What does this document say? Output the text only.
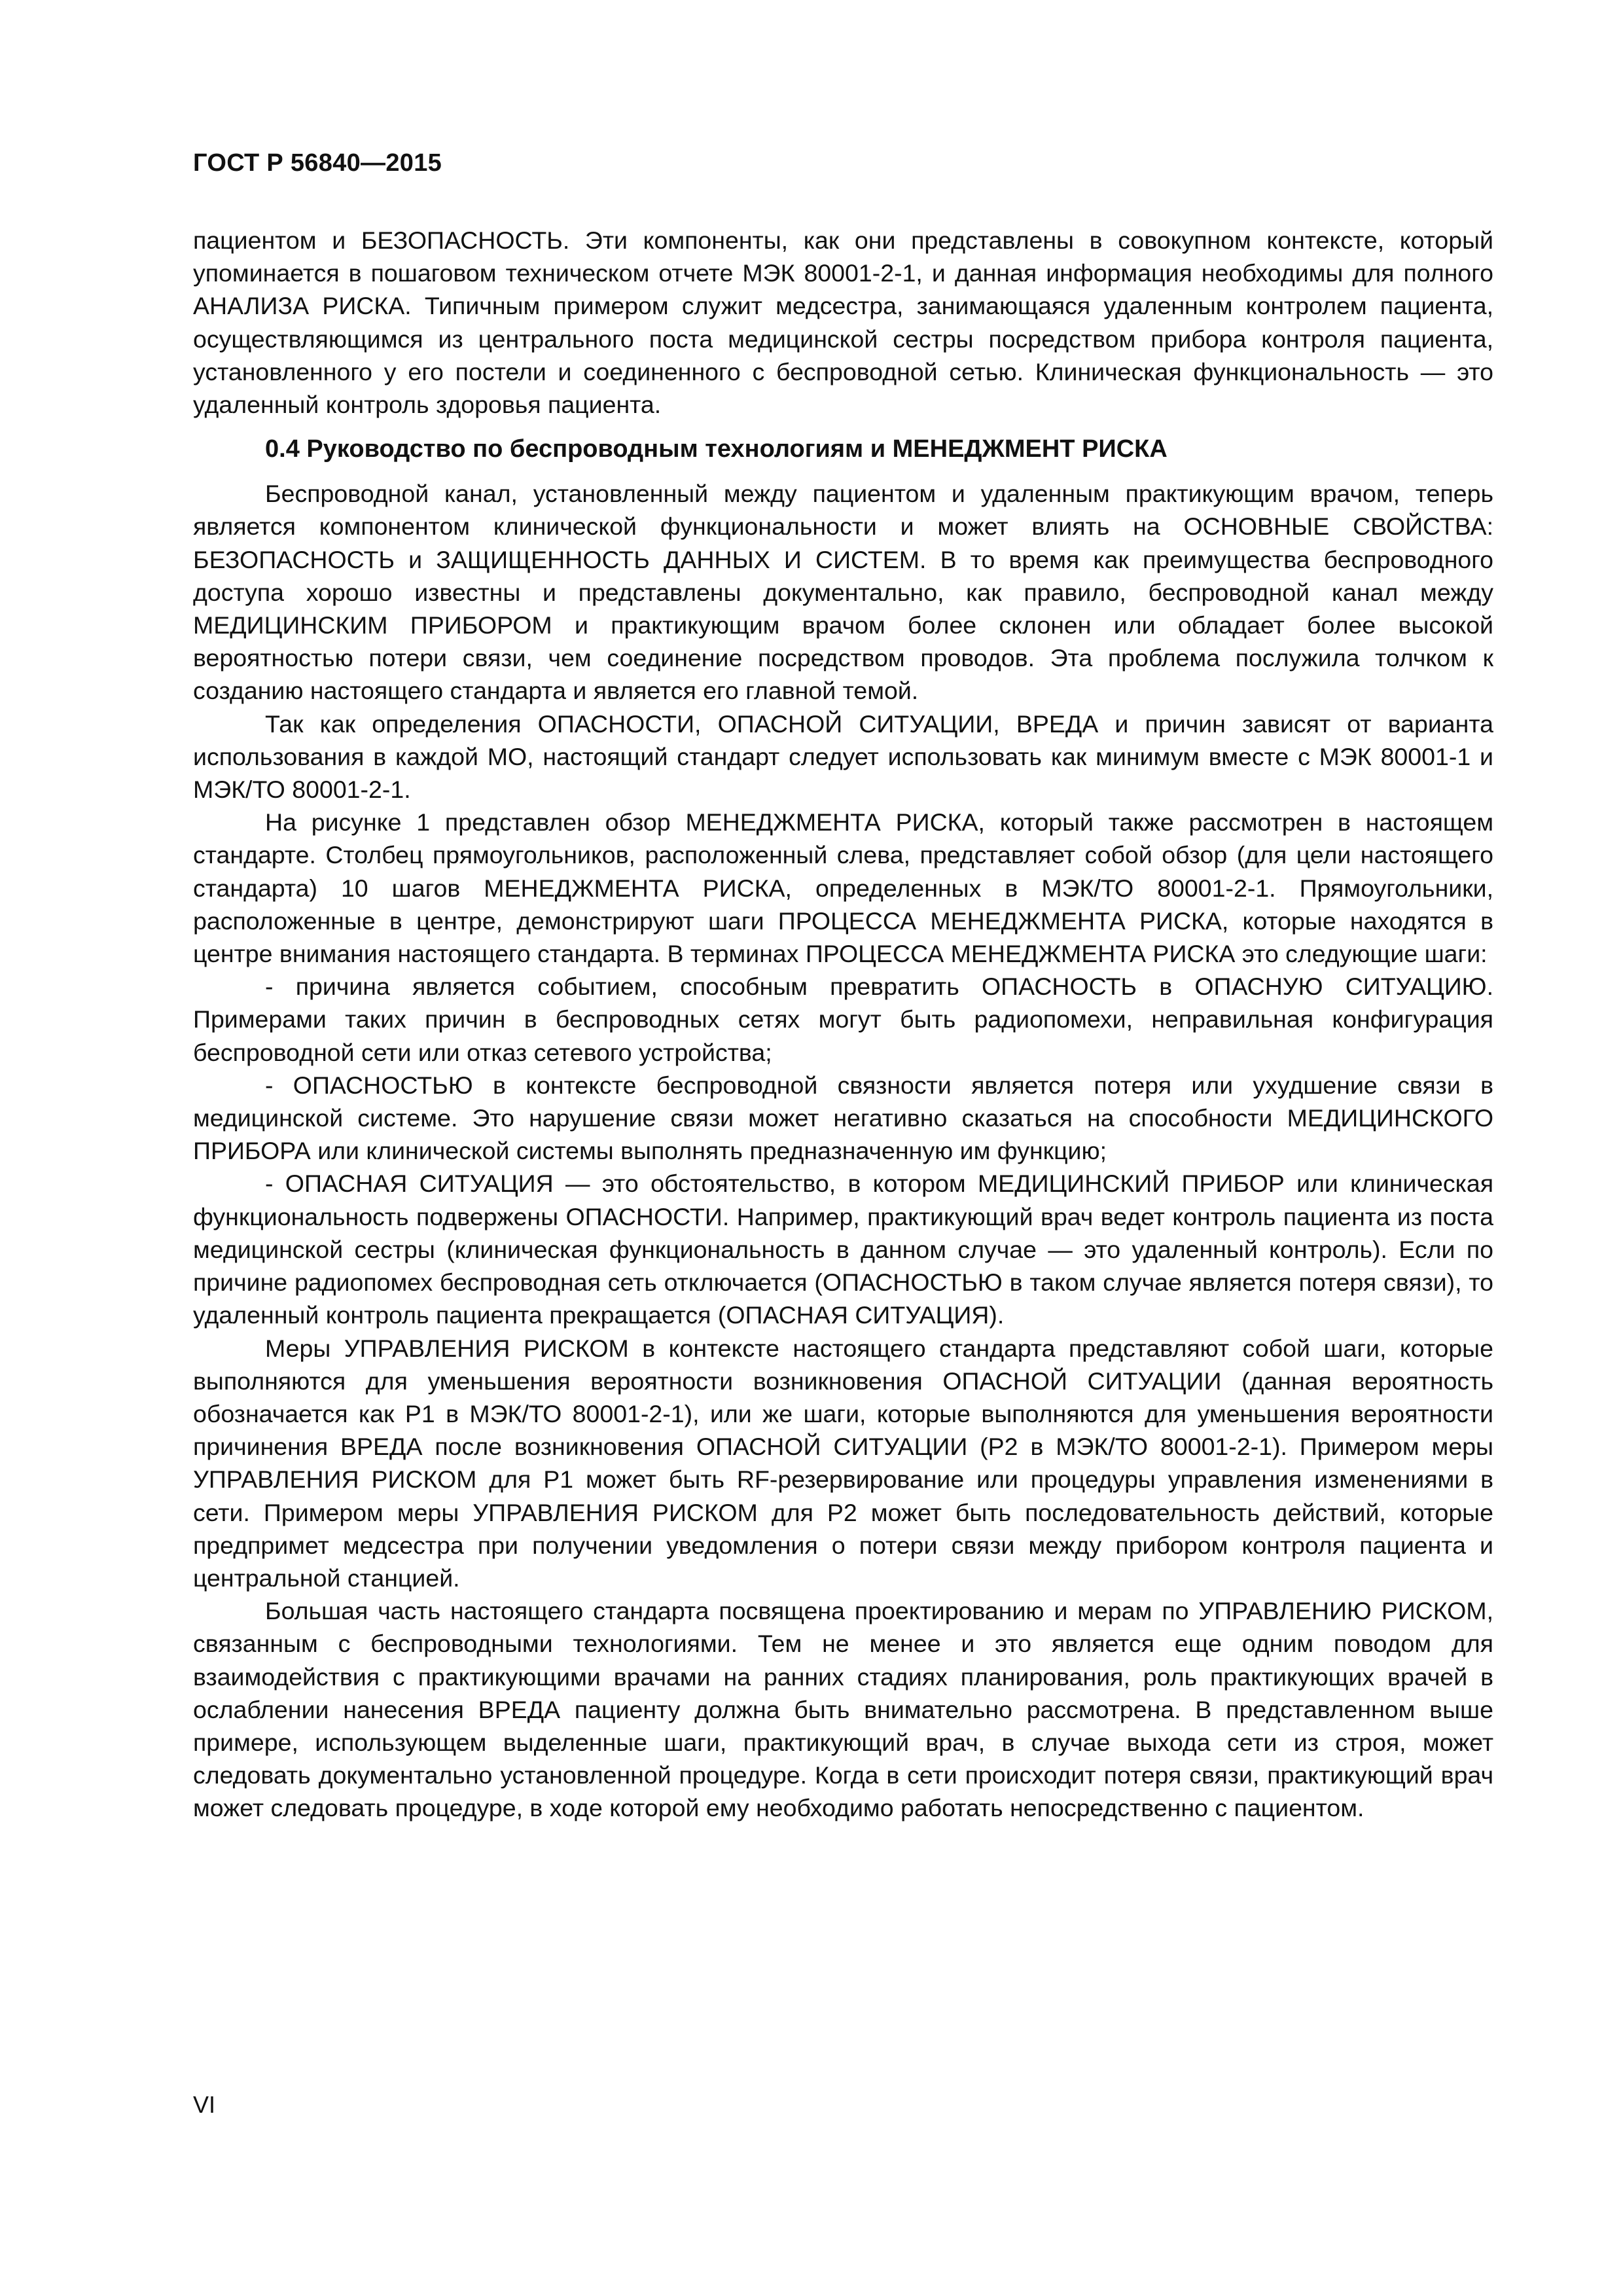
ГОСТ Р 56840—2015

пациентом и БЕЗОПАСНОСТЬ. Эти компоненты, как они представлены в совокупном контексте, который упоминается в пошаговом техническом отчете МЭК 80001-2-1, и данная информация необходимы для полного АНАЛИЗА РИСКА. Типичным примером служит медсестра, занимающаяся удаленным контролем пациента, осуществляющимся из центрального поста медицинской сестры посредством прибора контроля пациента, установленного у его постели и соединенного с беспроводной сетью. Клиническая функциональность — это удаленный контроль здоровья пациента.

0.4 Руководство по беспроводным технологиям и МЕНЕДЖМЕНТ РИСКА

Беспроводной канал, установленный между пациентом и удаленным практикующим врачом, теперь является компонентом клинической функциональности и может влиять на ОСНОВНЫЕ СВОЙСТВА: БЕЗОПАСНОСТЬ и ЗАЩИЩЕННОСТЬ ДАННЫХ И СИСТЕМ. В то время как преимущества беспроводного доступа хорошо известны и представлены документально, как правило, беспроводной канал между МЕДИЦИНСКИМ ПРИБОРОМ и практикующим врачом более склонен или обладает более высокой вероятностью потери связи, чем соединение посредством проводов. Эта проблема послужила толчком к созданию настоящего стандарта и является его главной темой.

Так как определения ОПАСНОСТИ, ОПАСНОЙ СИТУАЦИИ, ВРЕДА и причин зависят от варианта использования в каждой МО, настоящий стандарт следует использовать как минимум вместе с МЭК 80001-1 и МЭК/ТО 80001-2-1.

На рисунке 1 представлен обзор МЕНЕДЖМЕНТА РИСКА, который также рассмотрен в настоящем стандарте. Столбец прямоугольников, расположенный слева, представляет собой обзор (для цели настоящего стандарта) 10 шагов МЕНЕДЖМЕНТА РИСКА, определенных в МЭК/ТО 80001-2-1. Прямоугольники, расположенные в центре, демонстрируют шаги ПРОЦЕССА МЕНЕДЖМЕНТА РИСКА, которые находятся в центре внимания настоящего стандарта. В терминах ПРОЦЕССА МЕНЕДЖМЕНТА РИСКА это следующие шаги:

- причина является событием, способным превратить ОПАСНОСТЬ в ОПАСНУЮ СИТУАЦИЮ. Примерами таких причин в беспроводных сетях могут быть радиопомехи, неправильная конфигурация беспроводной сети или отказ сетевого устройства;

- ОПАСНОСТЬЮ в контексте беспроводной связности является потеря или ухудшение связи в медицинской системе. Это нарушение связи может негативно сказаться на способности МЕДИЦИНСКОГО ПРИБОРА или клинической системы выполнять предназначенную им функцию;

- ОПАСНАЯ СИТУАЦИЯ — это обстоятельство, в котором МЕДИЦИНСКИЙ ПРИБОР или клиническая функциональность подвержены ОПАСНОСТИ. Например, практикующий врач ведет контроль пациента из поста медицинской сестры (клиническая функциональность в данном случае — это удаленный контроль). Если по причине радиопомех беспроводная сеть отключается (ОПАСНОСТЬЮ в таком случае является потеря связи), то удаленный контроль пациента прекращается (ОПАСНАЯ СИТУАЦИЯ).

Меры УПРАВЛЕНИЯ РИСКОМ в контексте настоящего стандарта представляют собой шаги, которые выполняются для уменьшения вероятности возникновения ОПАСНОЙ СИТУАЦИИ (данная вероятность обозначается как Р1 в МЭК/ТО 80001-2-1), или же шаги, которые выполняются для уменьшения вероятности причинения ВРЕДА после возникновения ОПАСНОЙ СИТУАЦИИ (Р2 в МЭК/ТО 80001-2-1). Примером меры УПРАВЛЕНИЯ РИСКОМ для Р1 может быть RF-резервирование или процедуры управления изменениями в сети. Примером меры УПРАВЛЕНИЯ РИСКОМ для Р2 может быть последовательность действий, которые предпримет медсестра при получении уведомления о потери связи между прибором контроля пациента и центральной станцией.

Большая часть настоящего стандарта посвящена проектированию и мерам по УПРАВЛЕНИЮ РИСКОМ, связанным с беспроводными технологиями. Тем не менее и это является еще одним поводом для взаимодействия с практикующими врачами на ранних стадиях планирования, роль практикующих врачей в ослаблении нанесения ВРЕДА пациенту должна быть внимательно рассмотрена. В представленном выше примере, использующем выделенные шаги, практикующий врач, в случае выхода сети из строя, может следовать документально установленной процедуре. Когда в сети происходит потеря связи, практикующий врач может следовать процедуре, в ходе которой ему необходимо работать непосредственно с пациентом.

VI
